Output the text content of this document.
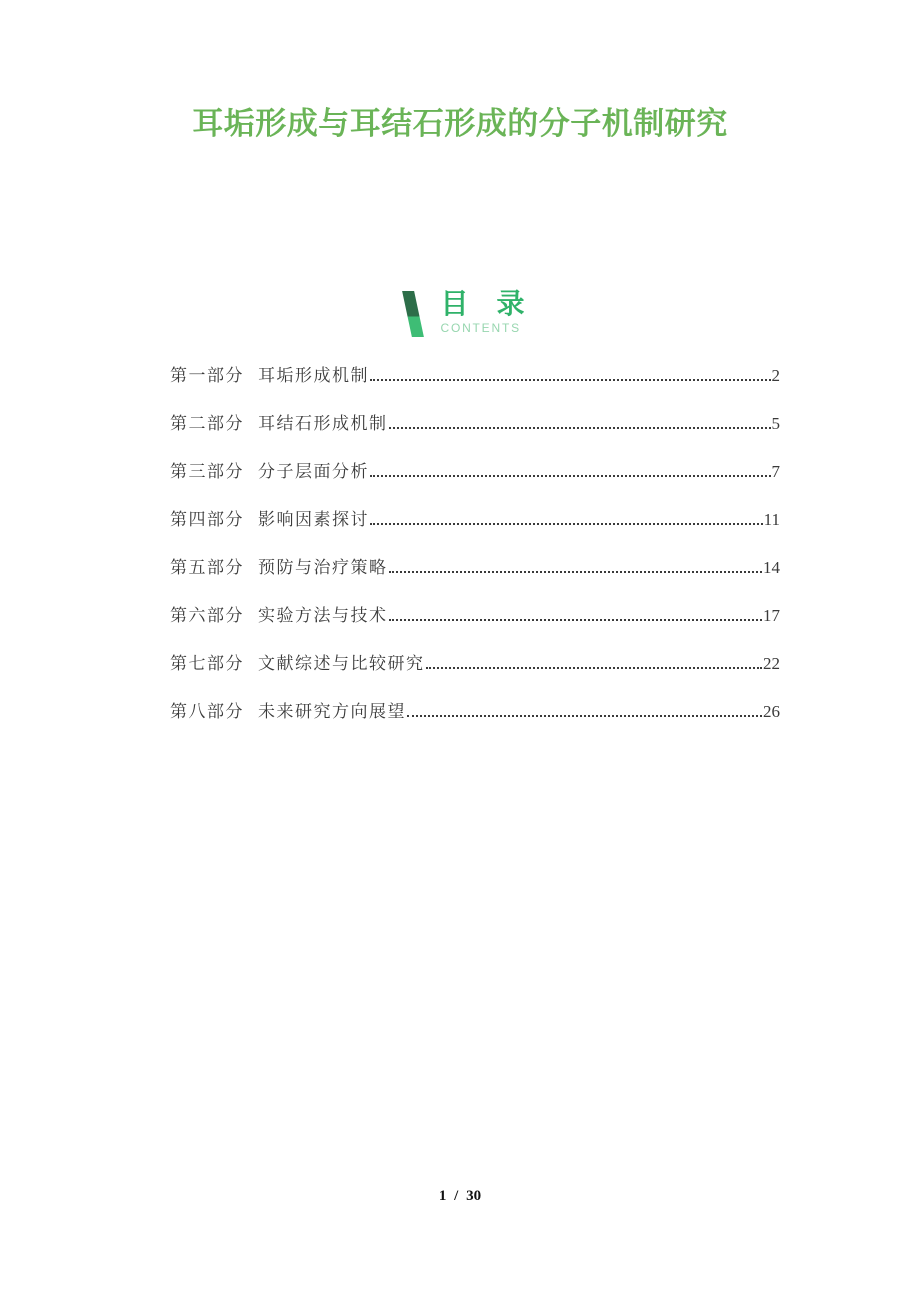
耳垢形成与耳结石形成的分子机制研究
目　录
CONTENTS
第一部分 耳垢形成机制	2
第二部分 耳结石形成机制	5
第三部分 分子层面分析	7
第四部分 影响因素探讨	11
第五部分 预防与治疗策略	14
第六部分 实验方法与技术	17
第七部分 文献综述与比较研究	22
第八部分 未来研究方向展望	26
1 / 30
